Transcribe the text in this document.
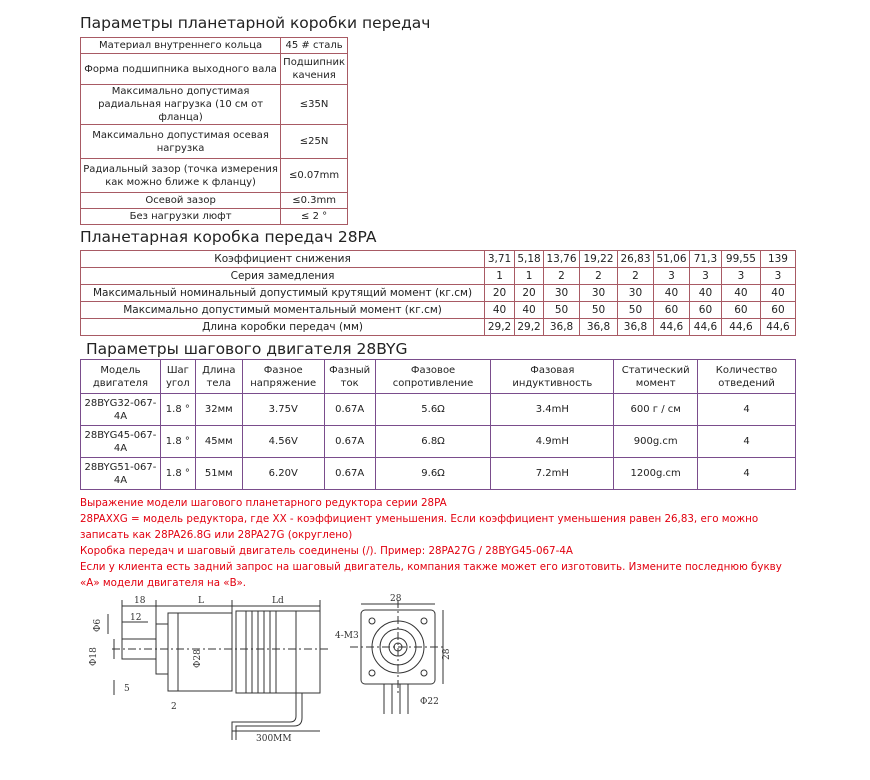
Параметры планетарной коробки передач
Материал внутреннего кольца	45 # сталь
Форма подшипника выходного вала	Подшипник качения
Максимально допустимая радиальная нагрузка (10 см от фланца)	≤35N
Максимально допустимая осевая нагрузка	≤25N
Радиальный зазор (точка измерения как можно ближе к фланцу)	≤0.07mm
Осевой зазор	≤0.3mm
Без нагрузки люфт	≤ 2 °
Планетарная коробка передач 28PA
Коэффициент снижения	3,71	5,18	13,76	19,22	26,83	51,06	71,3	99,55	139
Серия замедления	1	1	2	2	2	3	3	3	3
Максимальный номинальный допустимый крутящий момент (кг.см)	20	20	30	30	30	40	40	40	40
Максимально допустимый моментальный момент (кг.см)	40	40	50	50	50	60	60	60	60
Длина коробки передач (мм)	29,2	29,2	36,8	36,8	36,8	44,6	44,6	44,6	44,6
Параметры шагового двигателя 28BYG
Модель двигателя	Шаг угол	Длина тела	Фазное напряжение	Фазный ток	Фазовое сопротивление	Фазовая индуктивность	Статический момент	Количество отведений
28BYG32-067-4A	1.8 °	32мм	3.75V	0.67A	5.6Ω	3.4mH	600 г / см	4
28BYG45-067-4A	1.8 °	45мм	4.56V	0.67A	6.8Ω	4.9mH	900g.cm	4
28BYG51-067-4A	1.8 °	51мм	6.20V	0.67A	9.6Ω	7.2mH	1200g.cm	4

Выражение модели шагового планетарного редуктора серии 28PA

28PAXXG = модель редуктора, где XX - коэффициент уменьшения. Если коэффициент уменьшения равен 26,83, его можно записать как 28PA26.8G или 28PA27G (округлено)

Коробка передач и шаговый двигатель соединены (/). Пример: 28PA27G / 28BYG45-067-4A

Если у клиента есть задний запрос на шаговый двигатель, компания также может его изготовить. Измените последнюю букву «A» модели двигателя на «B».

18	L	Ld
12
Φ6
Φ18	Φ28
5
2
300MM
28
28
4-M3
Φ22
